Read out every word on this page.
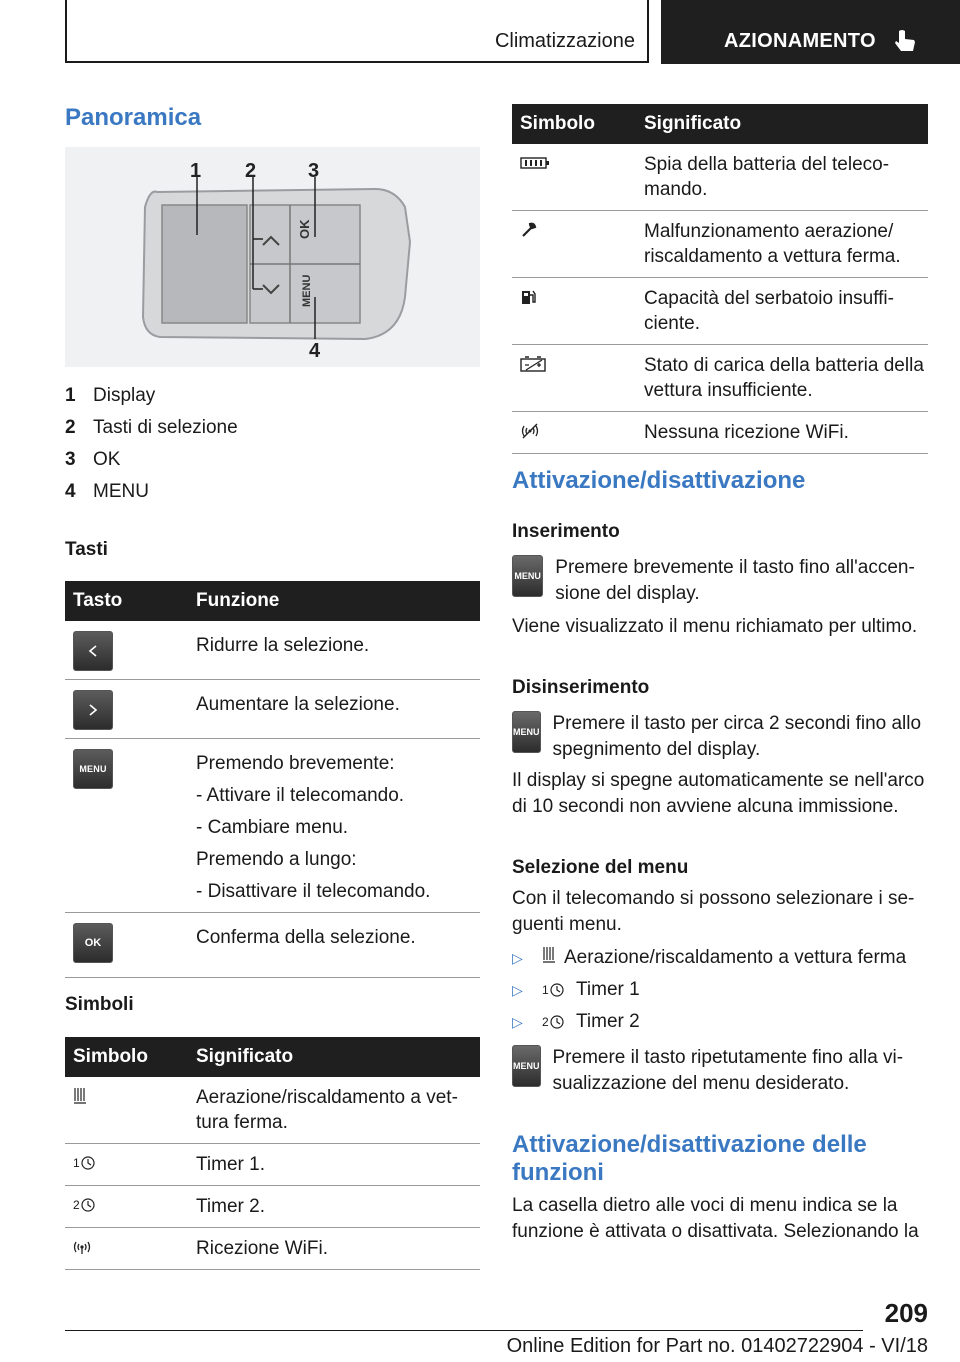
Climatizzazione	AZIONAMENTO
Panoramica
OK
MENU
1 2	3
4
1 Display
2 Tasti di selezione
3 OK
4 MENU
Tasti
Tasto	Funzione

Ridurre la selezione.

Aumentare la selezione.

MENU	Premendo brevemente:

- Attivare il telecomando.

- Cambiare menu.

Premendo a lungo:

- Disattivare il telecomando.

OK	Conferma della selezione.

Simboli
Simbolo	Significato

	Aerazione/riscaldamento a vet- tura ferma.

1	Timer 1.

2	Timer 2.

	Ricezione WiFi.
Simbolo	Significato

	Spia della batteria del teleco- mando.

	Malfunzionamento aerazione/ riscaldamento a vettura ferma.

	Capacità del serbatoio insuffi- ciente.

	Stato di carica della batteria della vettura insufficiente.

	Nessuna ricezione WiFi.
Attivazione/disattivazione
Inserimento
MENU Premere brevemente il tasto fino all'accen- sione del display.
Viene visualizzato il menu richiamato per ultimo.
Disinserimento
MENU Premere il tasto per circa 2 secondi fino allo spegnimento del display.
Il display si spegne automaticamente se nell'arco di 10 secondi non avviene alcuna immissione.
Selezione del menu
Con il telecomando si possono selezionare i se- guenti menu.
▷	Aerazione/riscaldamento a vettura ferma
▷	1 Timer 1
▷	2 Timer 2
MENU Premere il tasto ripetutamente fino alla vi- sualizzazione del menu desiderato.
Attivazione/disattivazione delle funzioni
La casella dietro alle voci di menu indica se la funzione è attivata o disattivata. Selezionando la
209
Online Edition for Part no. 01402722904 - VI/18
